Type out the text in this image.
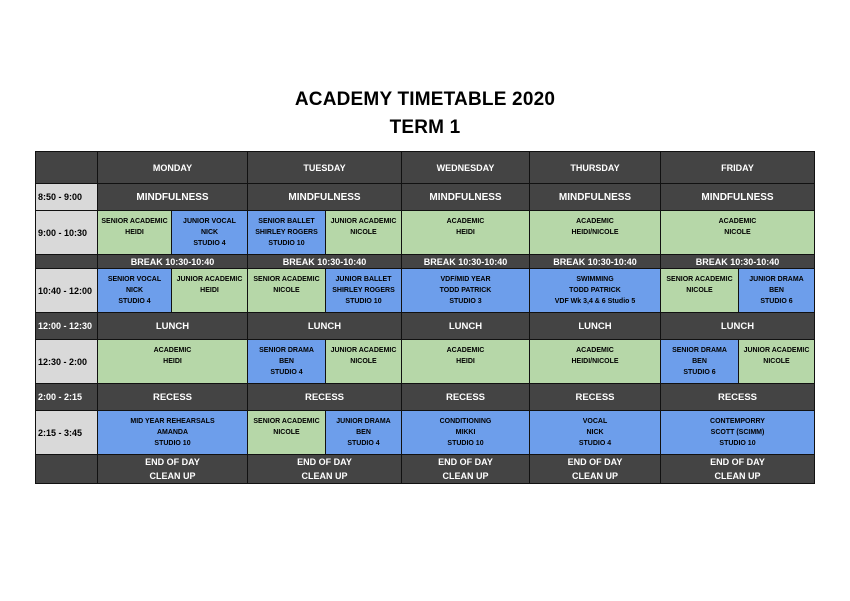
ACADEMY TIMETABLE 2020
TERM 1
	MONDAY		TUESDAY		WEDNESDAY	THURSDAY	FRIDAY	
8:50 - 9:00	MINDFULNESS		MINDFULNESS		MINDFULNESS	MINDFULNESS	MINDFULNESS	
9:00 - 10:30	SENIOR ACADEMIC
HEIDI	JUNIOR VOCAL
NICK
STUDIO 4	SENIOR BALLET
SHIRLEY ROGERS
STUDIO 10	JUNIOR ACADEMIC
NICOLE	ACADEMIC
HEIDI	ACADEMIC
HEIDI/NICOLE	ACADEMIC
NICOLE	

	BREAK 10:30-10:40		BREAK 10:30-10:40		BREAK 10:30-10:40	BREAK 10:30-10:40	BREAK 10:30-10:40	
10:40 - 12:00	SENIOR VOCAL
NICK
STUDIO 4	JUNIOR ACADEMIC
HEIDI	SENIOR ACADEMIC
NICOLE	JUNIOR BALLET
SHIRLEY ROGERS
STUDIO 10	VDF/MID YEAR
TODD PATRICK
STUDIO 3	SWIMMING
TODD PATRICK
VDF Wk 3,4 & 6 Studio 5	SENIOR ACADEMIC
NICOLE	JUNIOR DRAMA
BEN
STUDIO 6

12:00 - 12:30	LUNCH		LUNCH		LUNCH	LUNCH	LUNCH	
12:30 - 2:00	ACADEMIC
HEIDI		SENIOR DRAMA
BEN
STUDIO 4	JUNIOR ACADEMIC
NICOLE	ACADEMIC
HEIDI	ACADEMIC
HEIDI/NICOLE	SENIOR DRAMA
BEN
STUDIO 6	JUNIOR ACADEMIC
NICOLE

2:00 - 2:15	RECESS		RECESS		RECESS	RECESS	RECESS	
2:15 - 3:45	MID YEAR REHEARSALS
AMANDA
STUDIO 10		SENIOR ACADEMIC
NICOLE	JUNIOR DRAMA
BEN
STUDIO 4	CONDITIONING
MIKKI
STUDIO 10	VOCAL
NICK
STUDIO 4	CONTEMPORRY
SCOTT (SCIMM)
STUDIO 10	

	END OF DAY
CLEAN UP		END OF DAY
CLEAN UP		END OF DAY
CLEAN UP	END OF DAY
CLEAN UP	END OF DAY
CLEAN UP	
